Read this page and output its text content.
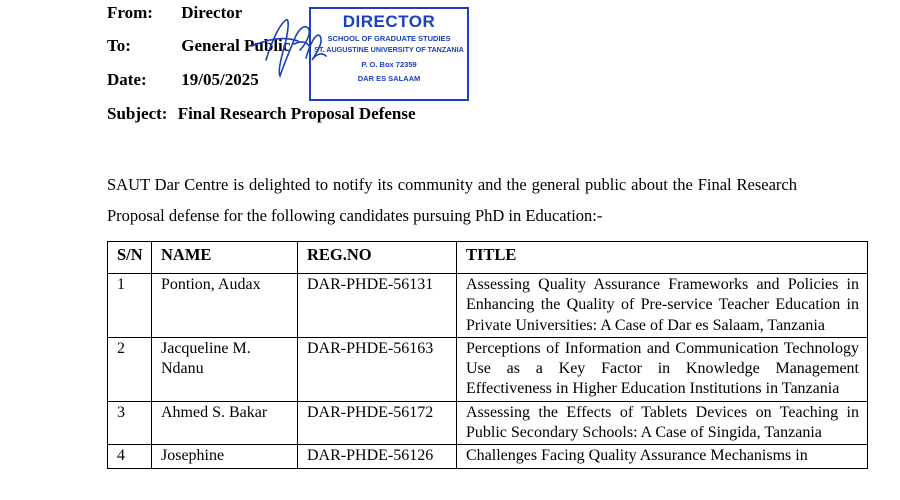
From: Director
To:	General Public
Date: 19/05/2025
Subject: Final Research Proposal Defense
DIRECTOR
SCHOOL OF GRADUATE STUDIES
ST. AUGUSTINE UNIVERSITY OF TANZANIA
P. O. Box 72359
DAR ES SALAAM
SAUT Dar Centre is delighted to notify its community and the general public about the Final Research Proposal defense for the following candidates pursuing PhD in Education:-
S/N	NAME	REG.NO	TITLE
1	Pontion, Audax	DAR-PHDE-56131	Assessing Quality Assurance Frameworks and Policies in Enhancing the Quality of Pre-service Teacher Education in Private Universities: A Case of Dar es Salaam, Tanzania
2	Jacqueline M. Ndanu	DAR-PHDE-56163	Perceptions of Information and Communication Technology Use as a Key Factor in Knowledge Management Effectiveness in Higher Education Institutions in Tanzania
3	Ahmed S. Bakar	DAR-PHDE-56172	Assessing the Effects of Tablets Devices on Teaching in Public Secondary Schools: A Case of Singida, Tanzania
4	Josephine	DAR-PHDE-56126	Challenges Facing Quality Assurance Mechanisms in
